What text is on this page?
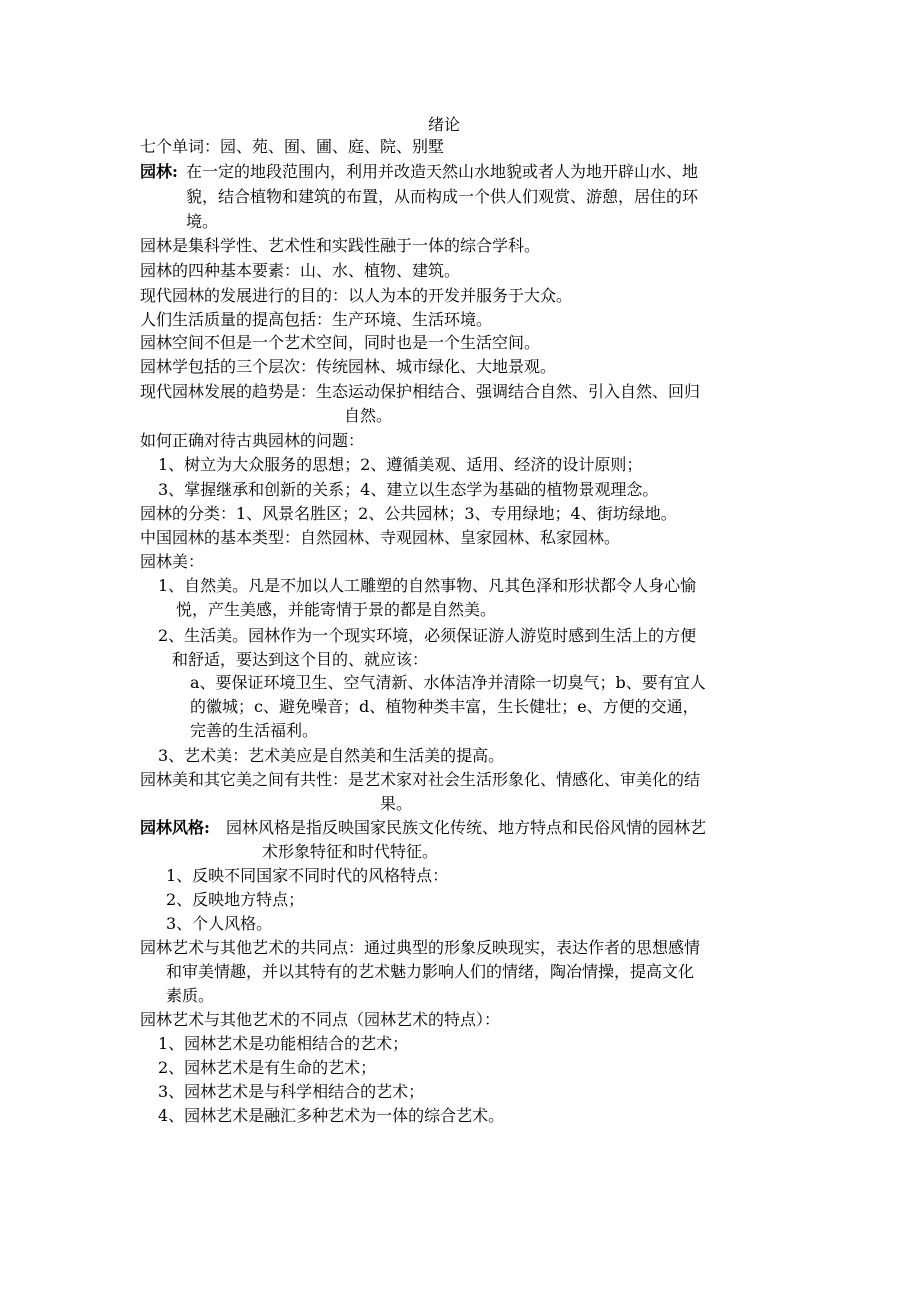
绪论
七个单词：园、苑、囿、圃、庭、院、别墅
园林: 在一定的地段范围内，利用并改造天然山水地貌或者人为地开辟山水、地
貌，结合植物和建筑的布置，从而构成一个供人们观赏、游憩，居住的环
境。
园林是集科学性、艺术性和实践性融于一体的综合学科。
园林的四种基本要素：山、水、植物、建筑。
现代园林的发展进行的目的：以人为本的开发并服务于大众。
人们生活质量的提高包括：生产环境、生活环境。
园林空间不但是一个艺术空间，同时也是一个生活空间。
园林学包括的三个层次：传统园林、城市绿化、大地景观。
现代园林发展的趋势是：生态运动保护相结合、强调结合自然、引入自然、回归
自然。
如何正确对待古典园林的问题：
1、树立为大众服务的思想；2、遵循美观、适用、经济的设计原则；
3、掌握继承和创新的关系；4、建立以生态学为基础的植物景观理念。
园林的分类：1、风景名胜区；2、公共园林；3、专用绿地；4、街坊绿地。
中国园林的基本类型：自然园林、寺观园林、皇家园林、私家园林。
园林美：
1、自然美。凡是不加以人工雕塑的自然事物、凡其色泽和形状都令人身心愉
悦，产生美感，并能寄情于景的都是自然美。
2、生活美。园林作为一个现实环境，必须保证游人游览时感到生活上的方便
和舒适，要达到这个目的、就应该：
a、要保证环境卫生、空气清新、水体洁净并清除一切臭气；b、要有宜人
的徽城；c、避免噪音；d、植物种类丰富，生长健壮；e、方便的交通，
完善的生活福利。
3、艺术美：艺术美应是自然美和生活美的提高。
园林美和其它美之间有共性：是艺术家对社会生活形象化、情感化、审美化的结
果。
园林风格: 园林风格是指反映国家民族文化传统、地方特点和民俗风情的园林艺
术形象特征和时代特征。
1、反映不同国家不同时代的风格特点：
2、反映地方特点；
3、个人风格。
园林艺术与其他艺术的共同点：通过典型的形象反映现实，表达作者的思想感情
和审美情趣，并以其特有的艺术魅力影响人们的情绪，陶冶情操，提高文化
素质。
园林艺术与其他艺术的不同点（园林艺术的特点）：
1、园林艺术是功能相结合的艺术；
2、园林艺术是有生命的艺术；
3、园林艺术是与科学相结合的艺术；
4、园林艺术是融汇多种艺术为一体的综合艺术。
